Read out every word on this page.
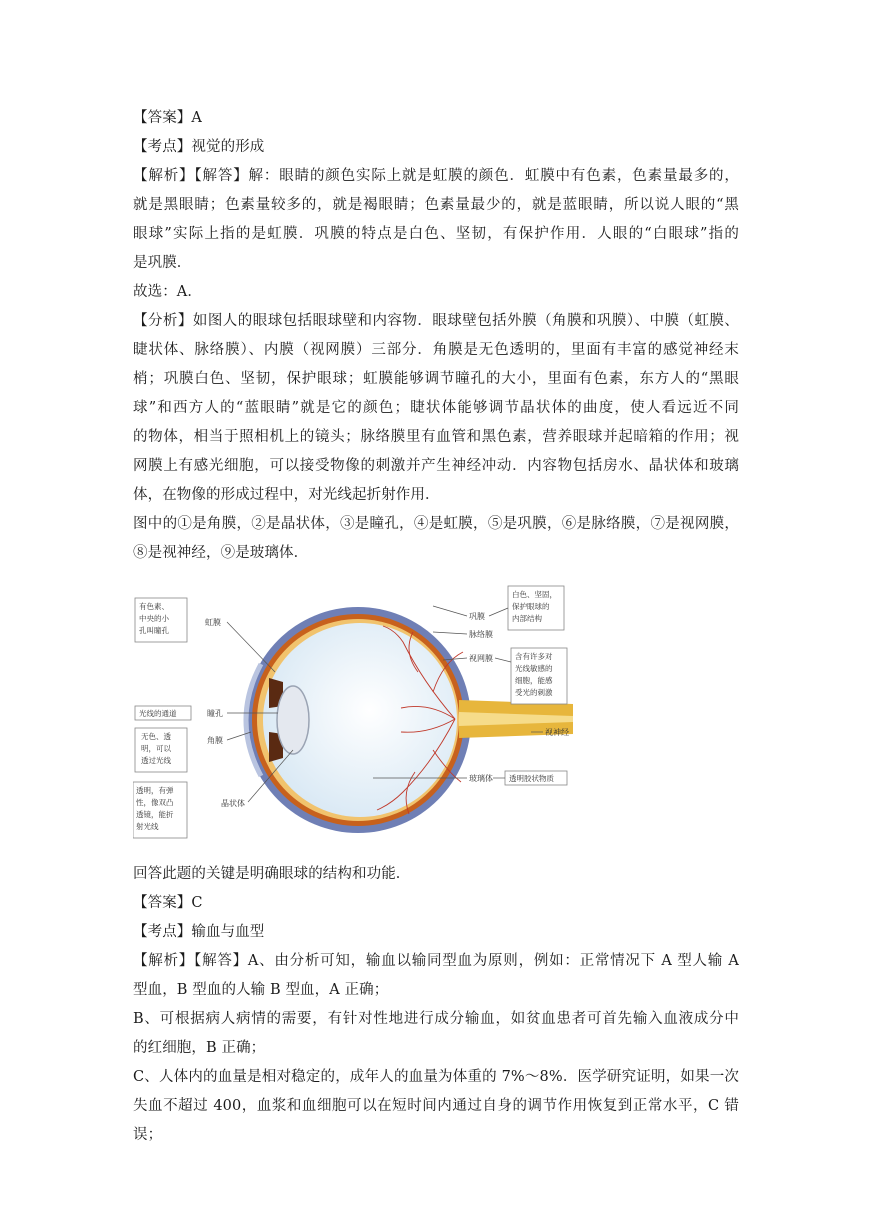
【答案】A
【考点】视觉的形成
【解析】【解答】解：眼睛的颜色实际上就是虹膜的颜色．虹膜中有色素，色素量最多的，
就是黑眼睛；色素量较多的，就是褐眼睛；色素量最少的，就是蓝眼睛，所以说人眼的“黑
眼球”实际上指的是虹膜．巩膜的特点是白色、坚韧，有保护作用．人眼的“白眼球”指的
是巩膜．
故选：A．
【分析】如图人的眼球包括眼球壁和内容物．眼球壁包括外膜（角膜和巩膜）、中膜（虹膜、
睫状体、脉络膜）、内膜（视网膜）三部分．角膜是无色透明的，里面有丰富的感觉神经末
梢；巩膜白色、坚韧，保护眼球；虹膜能够调节瞳孔的大小，里面有色素，东方人的“黑眼
球”和西方人的“蓝眼睛”就是它的颜色；睫状体能够调节晶状体的曲度，使人看远近不同
的物体，相当于照相机上的镜头；脉络膜里有血管和黑色素，营养眼球并起暗箱的作用；视
网膜上有感光细胞，可以接受物像的刺激并产生神经冲动．内容物包括房水、晶状体和玻璃
体，在物像的形成过程中，对光线起折射作用．
图中的①是角膜，②是晶状体，③是瞳孔，④是虹膜，⑤是巩膜，⑥是脉络膜，⑦是视网膜，
⑧是视神经，⑨是玻璃体．
有色素、
中央的小
孔叫瞳孔
光线的通道
无色、透
明，可以
透过光线
透明，有弹
性，像双凸
透镜，能折
射光线
虹膜
瞳孔
角膜
晶状体
巩膜
脉络膜
视网膜
视神经
玻璃体
白色、坚固，
保护眼球的
内部结构
含有许多对
光线敏感的
细胞，能感
受光的刺激
透明胶状物质
回答此题的关键是明确眼球的结构和功能．
【答案】C
【考点】输血与血型
【解析】【解答】A、由分析可知，输血以输同型血为原则，例如：正常情况下 A 型人输 A
型血，B 型血的人输 B 型血，A 正确；
B、可根据病人病情的需要，有针对性地进行成分输血，如贫血患者可首先输入血液成分中
的红细胞，B 正确；
C、人体内的血量是相对稳定的，成年人的血量为体重的 7%～8%．医学研究证明，如果一次
失血不超过 400，血浆和血细胞可以在短时间内通过自身的调节作用恢复到正常水平，C 错
误；
